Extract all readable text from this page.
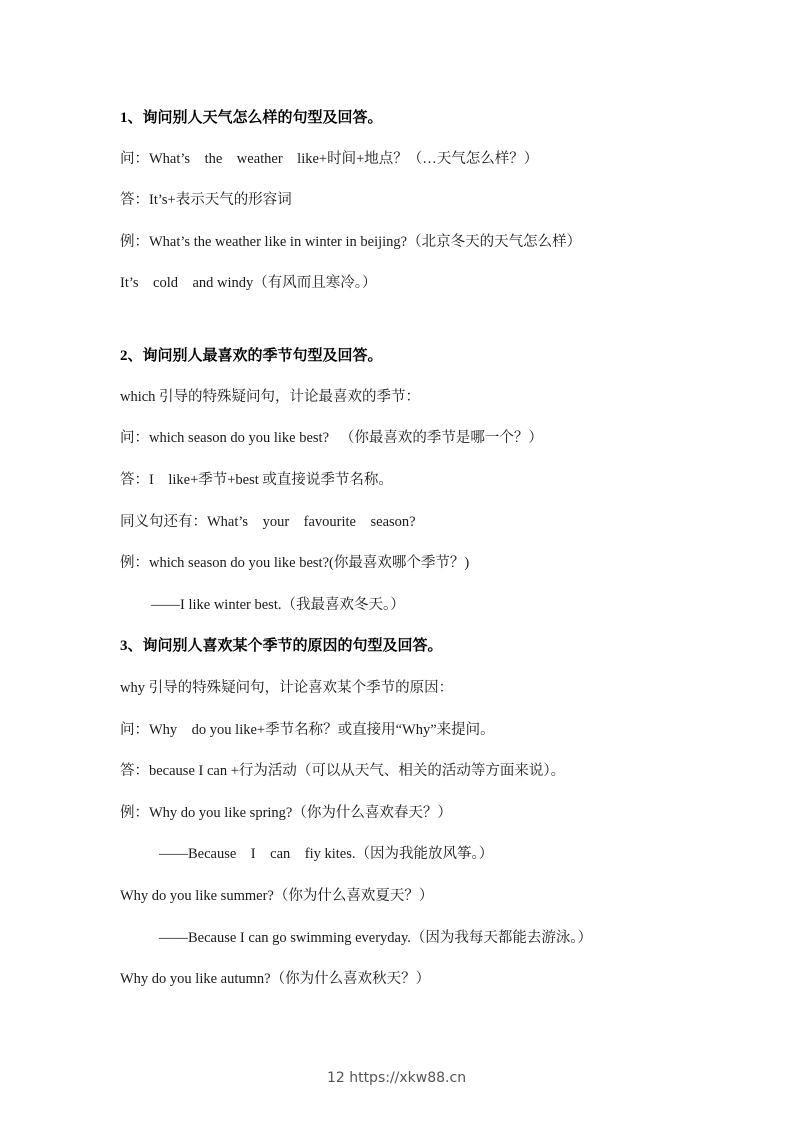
1、询问别人天气怎么样的句型及回答。
问：What’s    the    weather    like+时间+地点？（…天气怎么样？）
答：It’s+表示天气的形容词
例：What’s the weather like in winter in beijing?（北京冬天的天气怎么样）
It’s    cold    and windy（有风而且寒冷。）
2、询问别人最喜欢的季节句型及回答。
which 引导的特殊疑问句，计论最喜欢的季节：
问：which season do you like best?   （你最喜欢的季节是哪一个？）
答：I    like+季节+best 或直接说季节名称。
同义句还有：What’s    your    favourite    season?
例：which season do you like best?(你最喜欢哪个季节？)
——I like winter best.（我最喜欢冬天。）
3、询问别人喜欢某个季节的原因的句型及回答。
why 引导的特殊疑问句，计论喜欢某个季节的原因：
问：Why    do you like+季节名称？或直接用“Why”来提问。
答：because I can +行为活动（可以从天气、相关的活动等方面来说）。
例：Why do you like spring?（你为什么喜欢春天？）
——Because    I    can    fiy kites.（因为我能放风筝。）
Why do you like summer?（你为什么喜欢夏天？）
——Because I can go swimming everyday.（因为我每天都能去游泳。）
Why do you like autumn?（你为什么喜欢秋天？）
12 https://xkw88.cn
